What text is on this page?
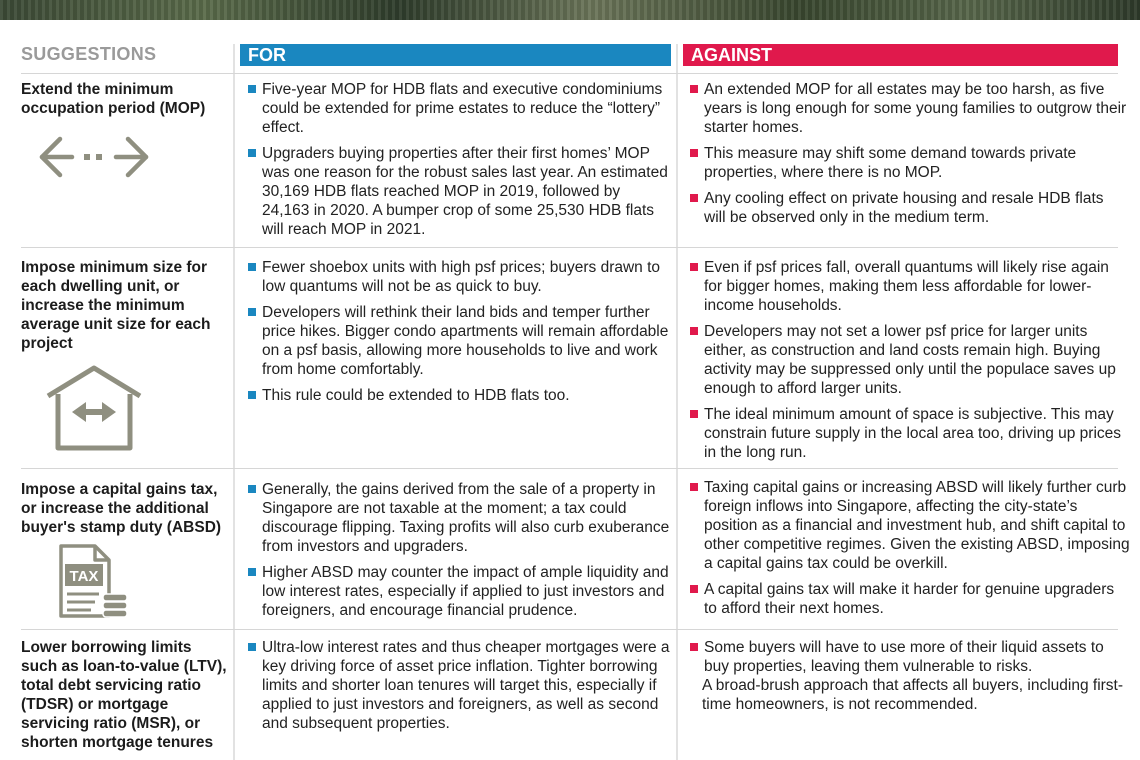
SUGGESTIONS	FOR	AGAINST
Extend the minimum occupation period (MOP)
Five-year MOP for HDB flats and executive condominiums could be extended for prime estates to reduce the “lottery” effect.
Upgraders buying properties after their first homes’ MOP was one reason for the robust sales last year. An estimated 30,169 HDB flats reached MOP in 2019, followed by 24,163 in 2020. A bumper crop of some 25,530 HDB flats will reach MOP in 2021.
An extended MOP for all estates may be too harsh, as five years is long enough for some young families to outgrow their starter homes.
This measure may shift some demand towards private properties, where there is no MOP.
Any cooling effect on private housing and resale HDB flats will be observed only in the medium term.
Impose minimum size for each dwelling unit, or increase the minimum average unit size for each project
Fewer shoebox units with high psf prices; buyers drawn to low quantums will not be as quick to buy.
Developers will rethink their land bids and temper further price hikes. Bigger condo apartments will remain affordable on a psf basis, allowing more households to live and work from home comfortably.
This rule could be extended to HDB flats too.
Even if psf prices fall, overall quantums will likely rise again for bigger homes, making them less affordable for lower-income households.
Developers may not set a lower psf price for larger units either, as construction and land costs remain high. Buying activity may be suppressed only until the populace saves up enough to afford larger units.
The ideal minimum amount of space is subjective. This may constrain future supply in the local area too, driving up prices in the long run.
Impose a capital gains tax, or increase the additional buyer's stamp duty (ABSD)
TAX
Generally, the gains derived from the sale of a property in Singapore are not taxable at the moment; a tax could discourage flipping. Taxing profits will also curb exuberance from investors and upgraders.
Higher ABSD may counter the impact of ample liquidity and low interest rates, especially if applied to just investors and foreigners, and encourage financial prudence.
Taxing capital gains or increasing ABSD will likely further curb foreign inflows into Singapore, affecting the city-state’s position as a financial and investment hub, and shift capital to other competitive regimes. Given the existing ABSD, imposing a capital gains tax could be overkill.
A capital gains tax will make it harder for genuine upgraders to afford their next homes.
Lower borrowing limits such as loan-to-value (LTV), total debt servicing ratio (TDSR) or mortgage servicing ratio (MSR), or shorten mortgage tenures
Ultra-low interest rates and thus cheaper mortgages were a key driving force of asset price inflation. Tighter borrowing limits and shorter loan tenures will target this, especially if applied to just investors and foreigners, as well as second and subsequent properties.
Some buyers will have to use more of their liquid assets to buy properties, leaving them vulnerable to risks.
A broad-brush approach that affects all buyers, including first-time homeowners, is not recommended.
